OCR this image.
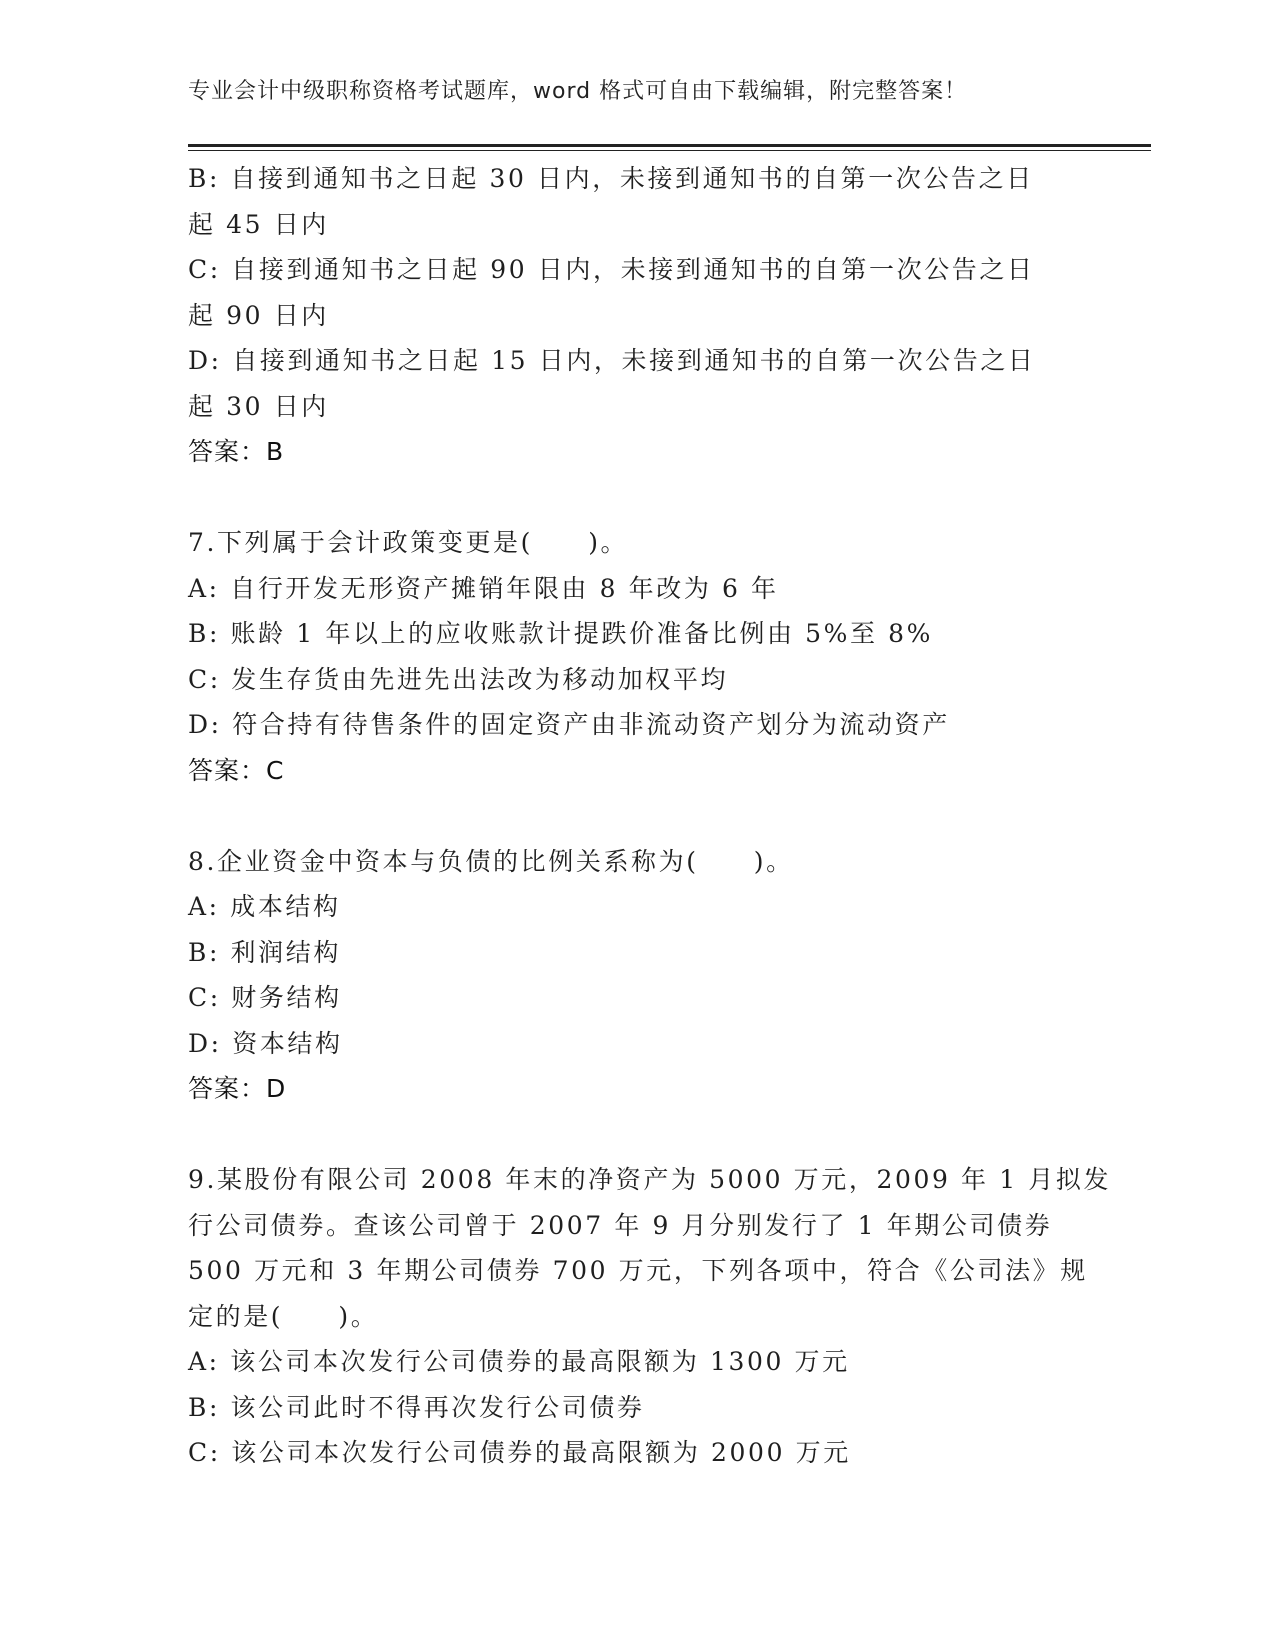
专业会计中级职称资格考试题库，word 格式可自由下载编辑，附完整答案！
B: 自接到通知书之日起 30 日内，未接到通知书的自第一次公告之日
起 45 日内
C: 自接到通知书之日起 90 日内，未接到通知书的自第一次公告之日
起 90 日内
D: 自接到通知书之日起 15 日内，未接到通知书的自第一次公告之日
起 30 日内
答案：B
7.下列属于会计政策变更是(　　)。
A: 自行开发无形资产摊销年限由 8 年改为 6 年
B: 账龄 1 年以上的应收账款计提跌价准备比例由 5%至 8%
C: 发生存货由先进先出法改为移动加权平均
D: 符合持有待售条件的固定资产由非流动资产划分为流动资产
答案：C
8.企业资金中资本与负债的比例关系称为(　　)。
A: 成本结构
B: 利润结构
C: 财务结构
D: 资本结构
答案：D
9.某股份有限公司 2008 年末的净资产为 5000 万元，2009 年 1 月拟发
行公司债券。查该公司曾于 2007 年 9 月分别发行了 1 年期公司债券
500 万元和 3 年期公司债券 700 万元，下列各项中，符合《公司法》规
定的是(　　)。
A: 该公司本次发行公司债券的最高限额为 1300 万元
B: 该公司此时不得再次发行公司债券
C: 该公司本次发行公司债券的最高限额为 2000 万元
